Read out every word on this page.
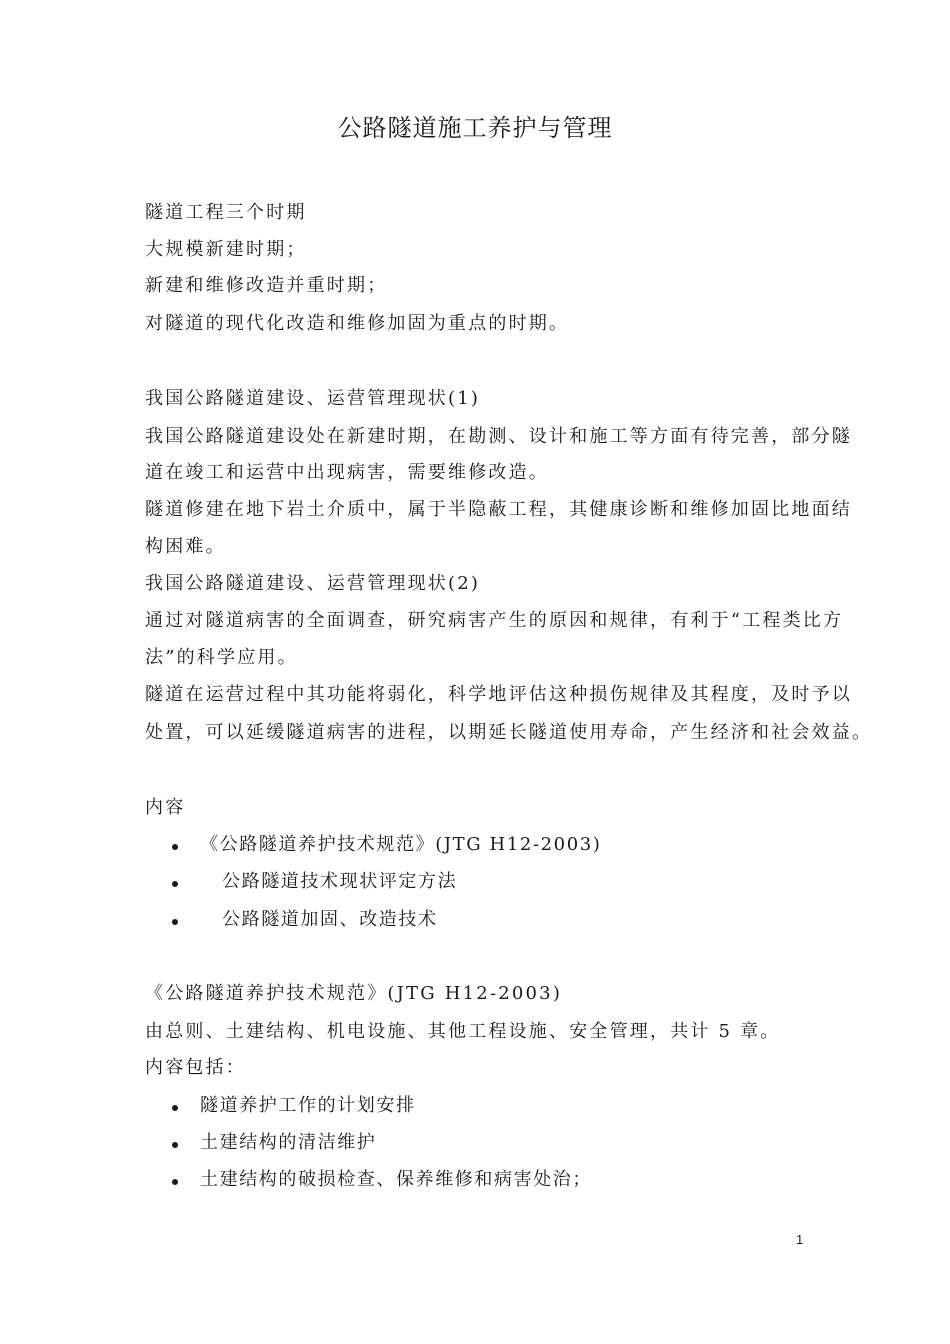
公路隧道施工养护与管理

隧道工程三个时期

大规模新建时期；

新建和维修改造并重时期；

对隧道的现代化改造和维修加固为重点的时期。

我国公路隧道建设、运营管理现状(1)

我国公路隧道建设处在新建时期，在勘测、设计和施工等方面有待完善，部分隧

道在竣工和运营中出现病害，需要维修改造。

隧道修建在地下岩土介质中，属于半隐蔽工程，其健康诊断和维修加固比地面结

构困难。

我国公路隧道建设、运营管理现状(2)

通过对隧道病害的全面调查，研究病害产生的原因和规律，有利于“工程类比方

法”的科学应用。

隧道在运营过程中其功能将弱化，科学地评估这种损伤规律及其程度，及时予以

处置，可以延缓隧道病害的进程，以期延长隧道使用寿命，产生经济和社会效益。

内容

《公路隧道养护技术规范》(JTG H12-2003)
公路隧道技术现状评定方法
公路隧道加固、改造技术

《公路隧道养护技术规范》(JTG H12-2003)

由总则、土建结构、机电设施、其他工程设施、安全管理，共计 5 章。

内容包括：

隧道养护工作的计划安排
土建结构的清洁维护
土建结构的破损检查、保养维修和病害处治；
1
